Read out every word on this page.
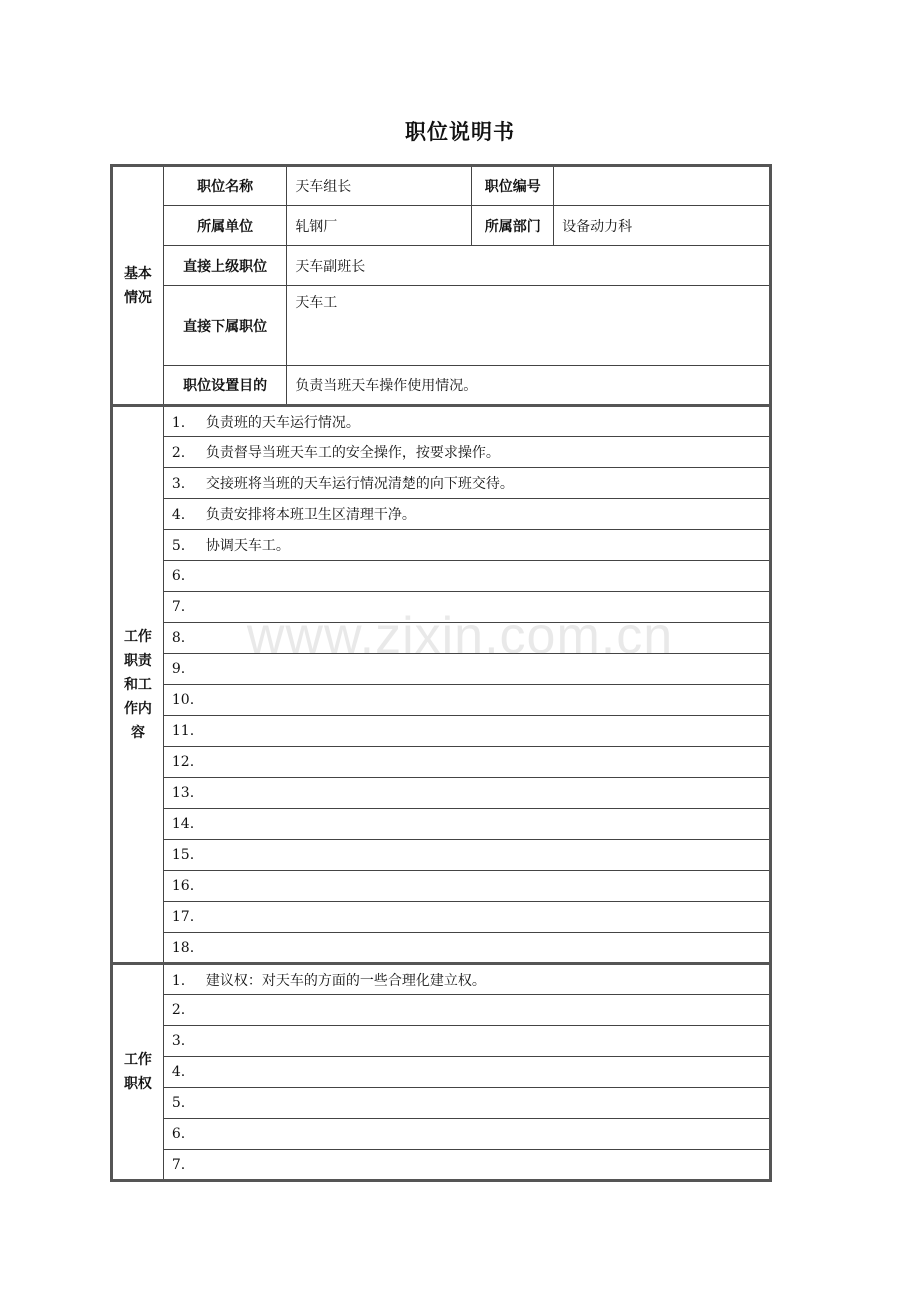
职位说明书
基本
情况	职位名称	天车组长	职位编号	
	所属单位	轧钢厂	所属部门	设备动力科
	直接上级职位	天车副班长		
	直接下属职位	天车工		
	职位设置目的	负责当班天车操作使用情况。		
工作
职责
和工
作内
容	1. 负责班的天车运行情况。			
	2. 负责督导当班天车工的安全操作，按要求操作。			
	3. 交接班将当班的天车运行情况清楚的向下班交待。			
	4. 负责安排将本班卫生区清理干净。			
	5. 协调天车工。			
	6.			
	7.			
	8.			
	9.			
	10.			
	11.			
	12.			
	13.			
	14.			
	15.			
	16.			
	17.			
	18.			
工作
职权	1. 建议权：对天车的方面的一些合理化建立权。			
	2.			
	3.			
	4.			
	5.			
	6.			
	7.			
www.zixin.com.cn
